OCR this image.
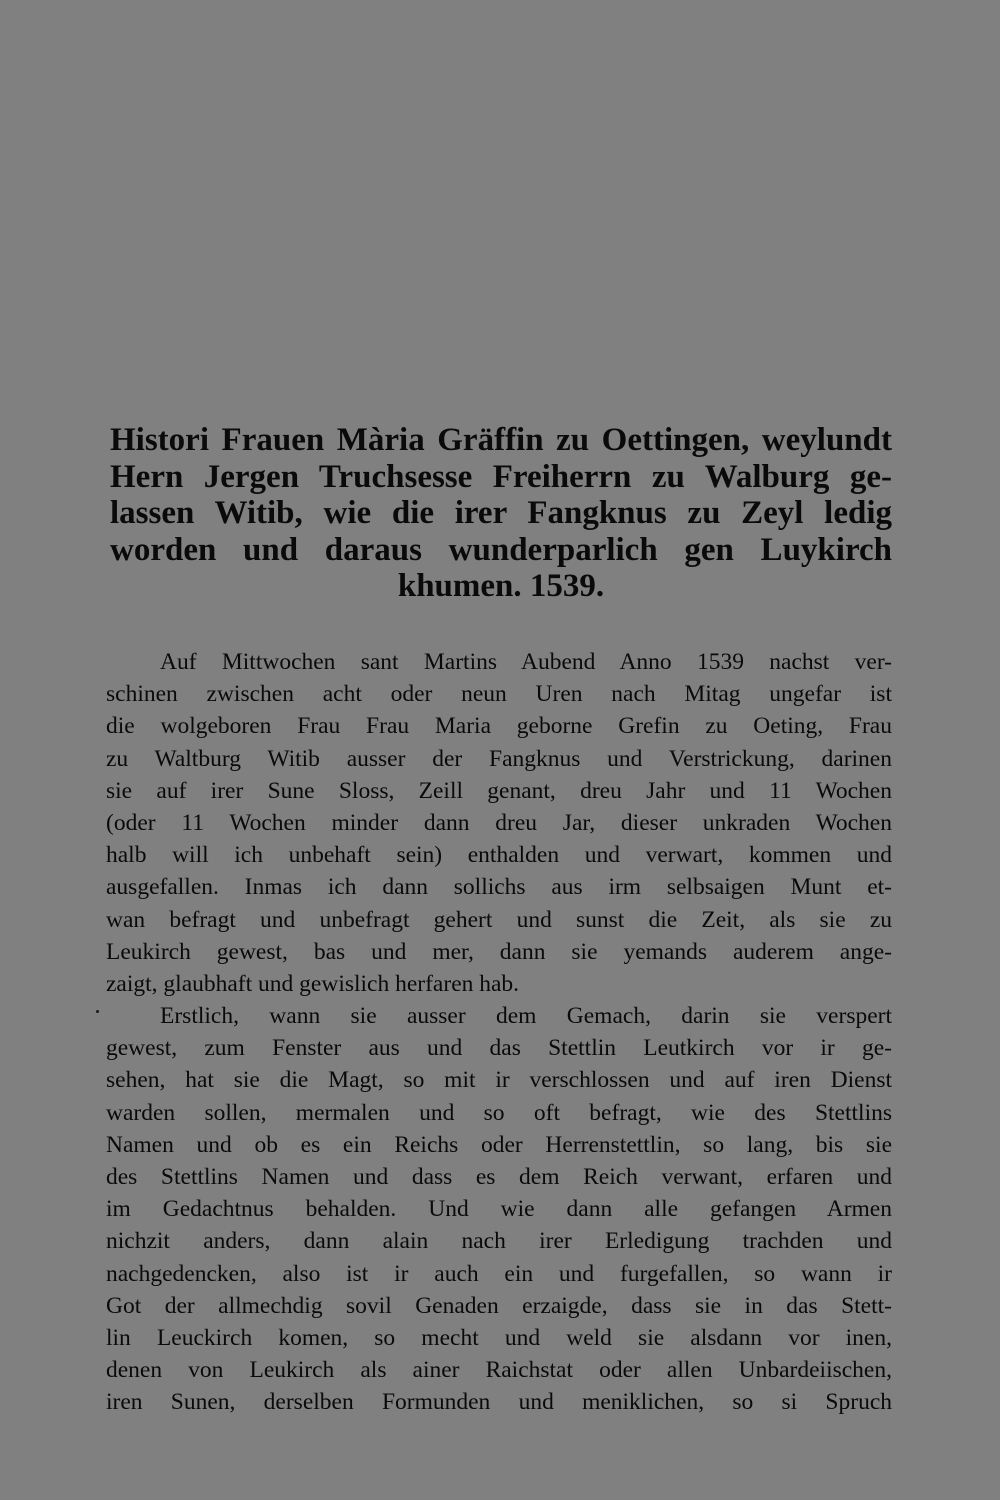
Histori Frauen Mària Gräffin zu Oettingen, weylundt
Hern Jergen Truchsesse Freiherrn zu Walburg ge-
lassen Witib, wie die irer Fangknus zu Zeyl ledig
worden und daraus wunderparlich gen Luykirch
khumen. 1539.

Auf Mittwochen sant Martins Aubend Anno 1539 nachst ver-
schinen zwischen acht oder neun Uren nach Mitag ungefar ist
die wolgeboren Frau Frau Maria geborne Grefin zu Oeting, Frau
zu Waltburg Witib ausser der Fangknus und Verstrickung, darinen
sie auf irer Sune Sloss, Zeill genant, dreu Jahr und 11 Wochen
(oder 11 Wochen minder dann dreu Jar, dieser unkraden Wochen
halb will ich unbehaft sein) enthalden und verwart, kommen und
ausgefallen. Inmas ich dann sollichs aus irm selbsaigen Munt et-
wan befragt und unbefragt gehert und sunst die Zeit, als sie zu
Leukirch gewest, bas und mer, dann sie yemands auderem ange-
zaigt, glaubhaft und gewislich herfaren hab.

Erstlich, wann sie ausser dem Gemach, darin sie verspert
gewest, zum Fenster aus und das Stettlin Leutkirch vor ir ge-
sehen, hat sie die Magt, so mit ir verschlossen und auf iren Dienst
warden sollen, mermalen und so oft befragt, wie des Stettlins
Namen und ob es ein Reichs oder Herrenstettlin, so lang, bis sie
des Stettlins Namen und dass es dem Reich verwant, erfaren und
im Gedachtnus behalden. Und wie dann alle gefangen Armen
nichzit anders, dann alain nach irer Erledigung trachden und
nachgedencken, also ist ir auch ein und furgefallen, so wann ir
Got der allmechdig sovil Genaden erzaigde, dass sie in das Stett-
lin Leuckirch komen, so mecht und weld sie alsdann vor inen,
denen von Leukirch als ainer Raichstat oder allen Unbardeiischen,
iren Sunen, derselben Formunden und meniklichen, so si Spruch
